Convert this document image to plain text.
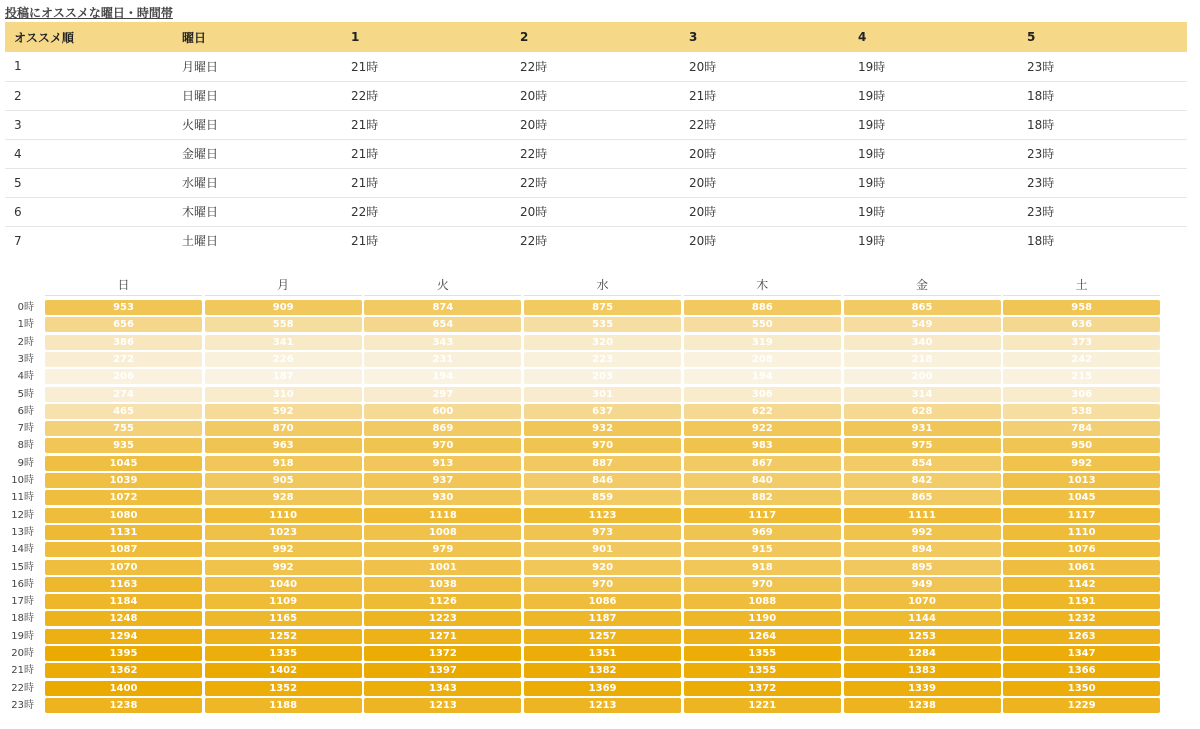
投稿にオススメな曜日・時間帯
オススメ順	曜日	1	2	3	4	5
1	月曜日	21時	22時	20時	19時	23時
2	日曜日	22時	20時	21時	19時	18時
3	火曜日	21時	20時	22時	19時	18時
4	金曜日	21時	22時	20時	19時	23時
5	水曜日	21時	22時	20時	19時	23時
6	木曜日	22時	20時	20時	19時	23時
7	土曜日	21時	22時	20時	19時	18時
日	月	火	水	木	金	土
0時	953	909	874	875	886	865	958
1時	656	558	654	535	550	549	636
2時	386	341	343	320	319	340	373
3時	272	226	231	223	208	218	242
4時	206	187	194	203	194	200	215
5時	274	310	297	301	306	314	306
6時	465	592	600	637	622	628	538
7時	755	870	869	932	922	931	784
8時	935	963	970	970	983	975	950
9時	1045	918	913	887	867	854	992
10時	1039	905	937	846	840	842	1013
11時	1072	928	930	859	882	865	1045
12時	1080	1110	1118	1123	1117	1111	1117
13時	1131	1023	1008	973	969	992	1110
14時	1087	992	979	901	915	894	1076
15時	1070	992	1001	920	918	895	1061
16時	1163	1040	1038	970	970	949	1142
17時	1184	1109	1126	1086	1088	1070	1191
18時	1248	1165	1223	1187	1190	1144	1232
19時	1294	1252	1271	1257	1264	1253	1263
20時	1395	1335	1372	1351	1355	1284	1347
21時	1362	1402	1397	1382	1355	1383	1366
22時	1400	1352	1343	1369	1372	1339	1350
23時	1238	1188	1213	1213	1221	1238	1229
